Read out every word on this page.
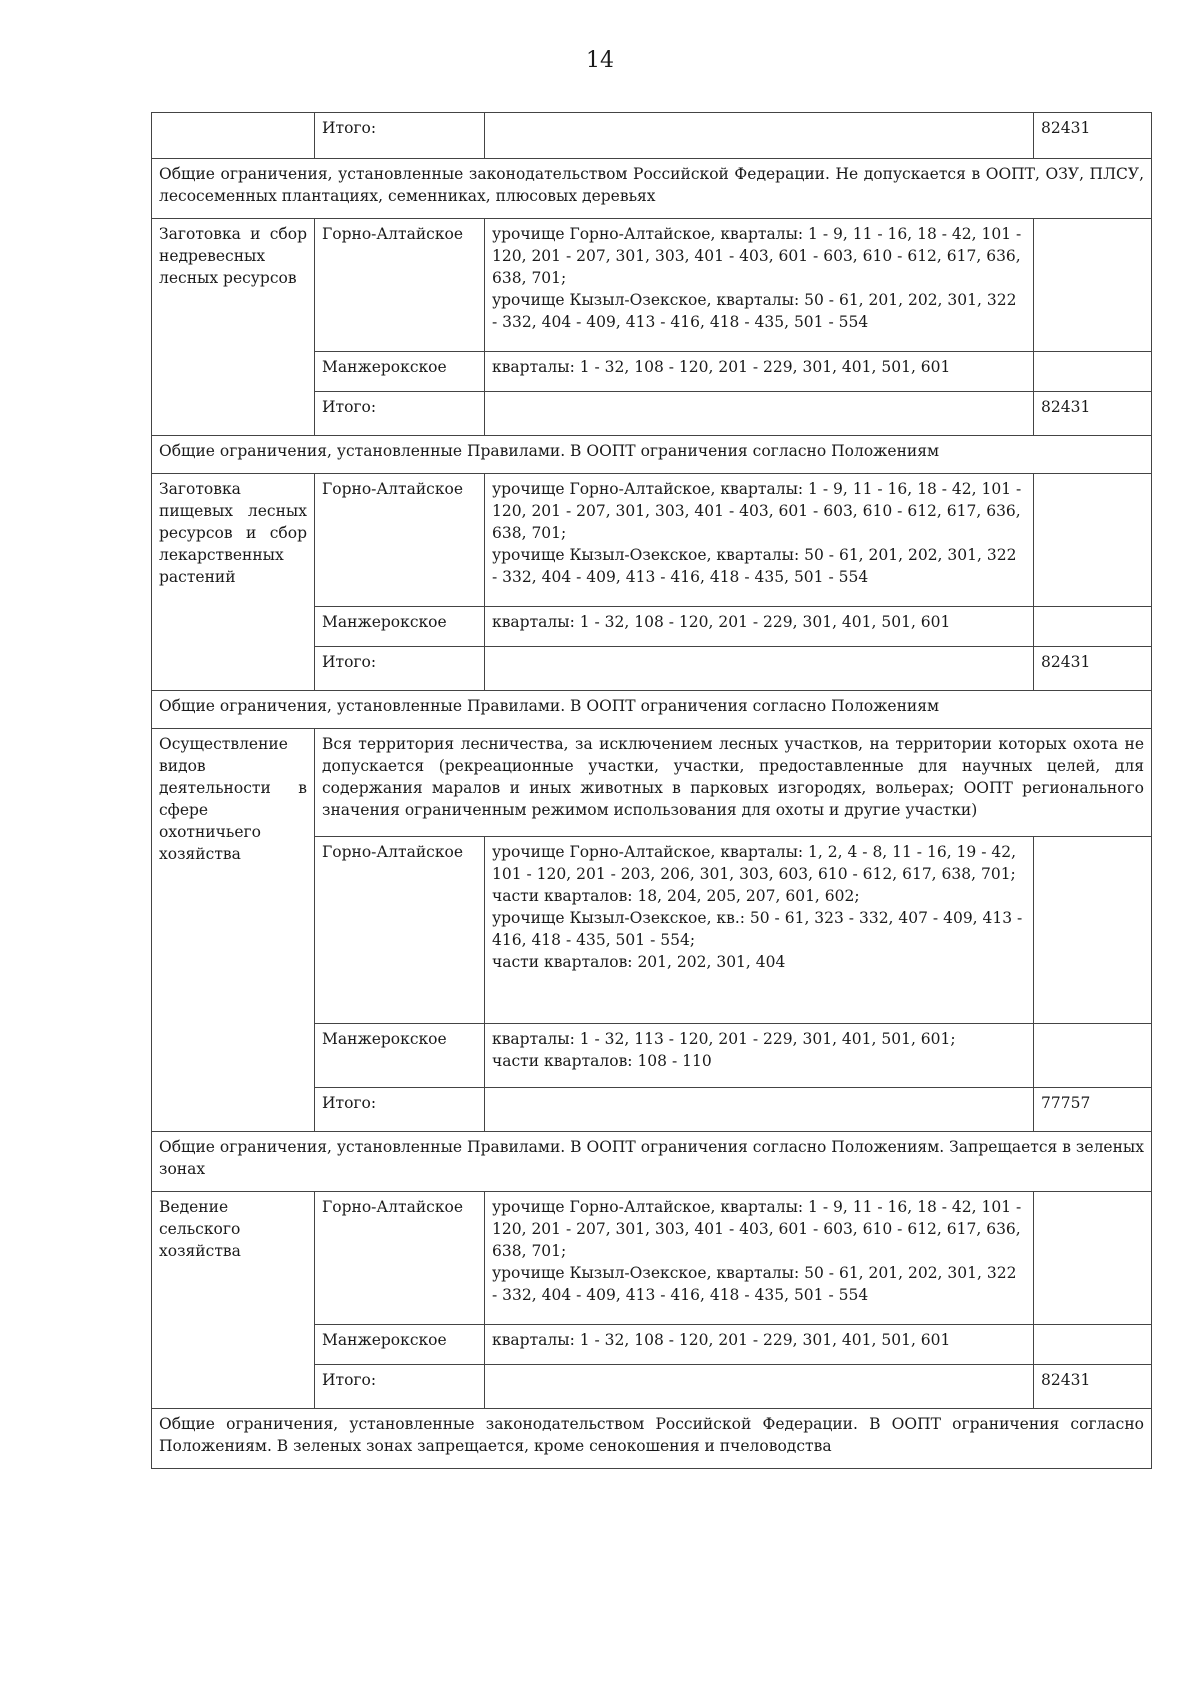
14
	Итого:		82431
Общие ограничения, установленные законодательством Российской Федерации. Не допускается в ООПТ, ОЗУ, ПЛСУ, лесосеменных плантациях, семенниках, плюсовых деревьях			
Заготовка и сбор недревесных лесных ресурсов	Горно-Алтайское	урочище Горно-Алтайское, кварталы: 1 - 9, 11 - 16, 18 - 42, 101 - 120, 201 - 207, 301, 303, 401 - 403, 601 - 603, 610 - 612, 617, 636, 638, 701;
урочище Кызыл-Озекское, кварталы: 50 - 61, 201, 202, 301, 322 - 332, 404 - 409, 413 - 416, 418 - 435, 501 - 554	

	Манжерокское	кварталы: 1 - 32, 108 - 120, 201 - 229, 301, 401, 501, 601	
	Итого:		82431
Общие ограничения, установленные Правилами. В ООПТ ограничения согласно Положениям			
Заготовка пищевых лесных ресурсов и сбор лекарственных растений	Горно-Алтайское	урочище Горно-Алтайское, кварталы: 1 - 9, 11 - 16, 18 - 42, 101 - 120, 201 - 207, 301, 303, 401 - 403, 601 - 603, 610 - 612, 617, 636, 638, 701;
урочище Кызыл-Озекское, кварталы: 50 - 61, 201, 202, 301, 322 - 332, 404 - 409, 413 - 416, 418 - 435, 501 - 554	

	Манжерокское	кварталы: 1 - 32, 108 - 120, 201 - 229, 301, 401, 501, 601	
	Итого:		82431
Общие ограничения, установленные Правилами. В ООПТ ограничения согласно Положениям			
Осуществление видов деятельности в сфере охотничьего хозяйства	Вся территория лесничества, за исключением лесных участков, на территории которых охота не допускается (рекреационные участки, участки, предоставленные для научных целей, для содержания маралов и иных животных в парковых изгородях, вольерах; ООПТ регионального значения ограниченным режимом использования для охоты и другие участки)		
	Горно-Алтайское	урочище Горно-Алтайское, кварталы: 1, 2, 4 - 8, 11 - 16, 19 - 42, 101 - 120, 201 - 203, 206, 301, 303, 603, 610 - 612, 617, 638, 701;
части кварталов: 18, 204, 205, 207, 601, 602;
урочище Кызыл-Озекское, кв.: 50 - 61, 323 - 332, 407 - 409, 413 - 416, 418 - 435, 501 - 554;
части кварталов: 201, 202, 301, 404	

	Манжерокское	кварталы: 1 - 32, 113 - 120, 201 - 229, 301, 401, 501, 601;
части кварталов: 108 - 110	

	Итого:		77757
Общие ограничения, установленные Правилами. В ООПТ ограничения согласно Положениям. Запрещается в зеленых зонах			
Ведение сельского хозяйства	Горно-Алтайское	урочище Горно-Алтайское, кварталы: 1 - 9, 11 - 16, 18 - 42, 101 - 120, 201 - 207, 301, 303, 401 - 403, 601 - 603, 610 - 612, 617, 636, 638, 701;
урочище Кызыл-Озекское, кварталы: 50 - 61, 201, 202, 301, 322 - 332, 404 - 409, 413 - 416, 418 - 435, 501 - 554	

	Манжерокское	кварталы: 1 - 32, 108 - 120, 201 - 229, 301, 401, 501, 601	
	Итого:		82431
Общие ограничения, установленные законодательством Российской Федерации. В ООПТ ограничения согласно Положениям. В зеленых зонах запрещается, кроме сенокошения и пчеловодства			
